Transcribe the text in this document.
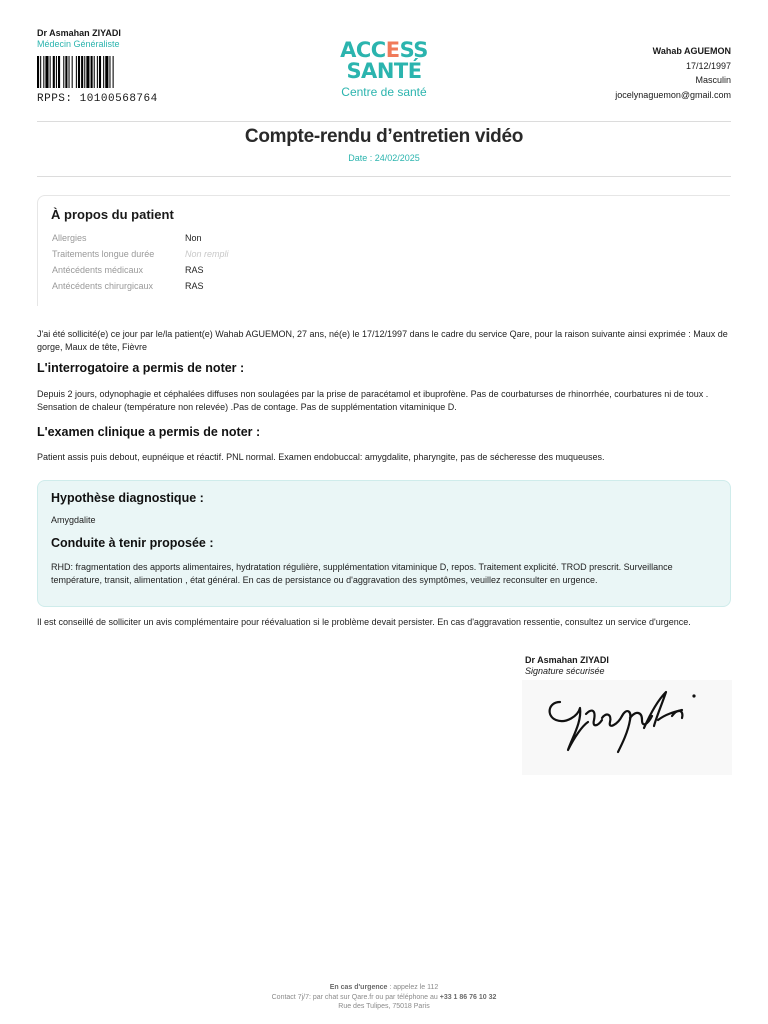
Dr Asmahan ZIYADI
Médecin Généraliste
RPPS: 10100568764
ACCESS
SANTÉ
Centre de santé
Wahab AGUEMON
17/12/1997
Masculin
jocelynaguemon@gmail.com
Compte-rendu d’entretien vidéo
Date : 24/02/2025
À propos du patient
Allergies	Non
Traitements longue durée	Non rempli
Antécédents médicaux	RAS
Antécédents chirurgicaux	RAS
J'ai été sollicité(e) ce jour par le/la patient(e) Wahab AGUEMON, 27 ans, né(e) le 17/12/1997 dans le cadre du service Qare, pour la raison suivante ainsi exprimée : Maux de gorge, Maux de tête, Fièvre
L'interrogatoire a permis de noter :
Depuis 2 jours, odynophagie et céphalées diffuses non soulagées par la prise de paracétamol et ibuprofène. Pas de courbaturses de rhinorrhée, courbatures ni de toux . Sensation de chaleur (température non relevée) .Pas de contage. Pas de supplémentation vitaminique D.
L'examen clinique a permis de noter :
Patient assis puis debout, eupnéique et réactif. PNL normal. Examen endobuccal: amygdalite, pharyngite, pas de sécheresse des muqueuses.
Hypothèse diagnostique :
Amygdalite
Conduite à tenir proposée :
RHD: fragmentation des apports alimentaires, hydratation régulière, supplémentation vitaminique D, repos. Traitement explicité. TROD prescrit. Surveillance température, transit, alimentation , état général. En cas de persistance ou d'aggravation des symptômes, veuillez reconsulter en urgence.
Il est conseillé de solliciter un avis complémentaire pour réévaluation si le problème devait persister. En cas d'aggravation ressentie, consultez un service d'urgence.
Dr Asmahan ZIYADI
Signature sécurisée
En cas d'urgence : appelez le 112
Contact 7j/7: par chat sur Qare.fr ou par téléphone au +33 1 86 76 10 32
Rue des Tulipes, 75018 Paris
